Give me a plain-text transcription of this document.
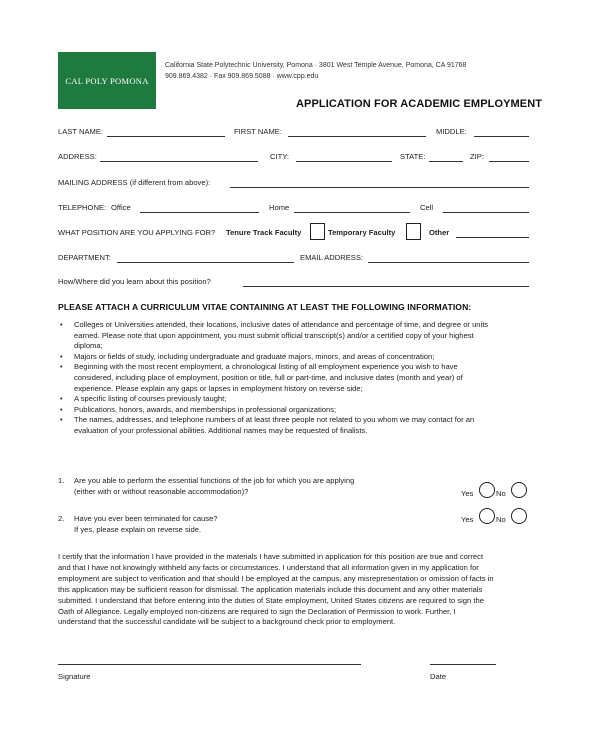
CAL POLY POMONA
California State Polytechnic University, Pomona · 3801 West Temple Avenue, Pomona, CA 91768
909.869.4382 · Fax 909.869.5088 · www.cpp.edu
APPLICATION FOR ACADEMIC EMPLOYMENT
LAST NAME:	FIRST NAME:	MIDDLE:
ADDRESS:	CITY:	STATE:	ZIP:
MAILING ADDRESS (if different from above):
TELEPHONE: Office	Home	Cell
WHAT POSITION ARE YOU APPLYING FOR? Tenure Track Faculty	Temporary Faculty	Other
DEPARTMENT:	EMAIL ADDRESS:
How/Where did you learn about this position?
PLEASE ATTACH A CURRICULUM VITAE CONTAINING AT LEAST THE FOLLOWING INFORMATION:
• Colleges or Universities attended, their locations, inclusive dates of attendance and percentage of time, and degree or units
earned. Please note that upon appointment, you must submit official transcript(s) and/or a certified copy of your highest
diploma;
• Majors or fields of study, including undergraduate and graduate majors, minors, and areas of concentration;
• Beginning with the most recent employment, a chronological listing of all employment experience you wish to have
considered, including place of employment, position or title, full or part-time, and inclusive dates (month and year) of
experience. Please explain any gaps or lapses in employment history on reverse side;
• A specific listing of courses previously taught;
• Publications, honors, awards, and memberships in professional organizations;
• The names, addresses, and telephone numbers of at least three people not related to you whom we may contact for an
evaluation of your professional abilities. Additional names may be requested of finalists.
1. Are you able to perform the essential functions of the job for which you are applying
(either with or without reasonable accommodation)?	Yes	No
2. Have you ever been terminated for cause?
If yes, please explain on reverse side.
Yes	No
I certify that the information I have provided in the materials I have submitted in application for this position are true and correct
and that I have not knowingly withheld any facts or circumstances. I understand that all information given in my application for
employment are subject to verification and that should I be employed at the campus, any misrepresentation or omission of facts in
this application may be sufficient reason for dismissal. The application materials include this document and any other materials
submitted. I understand that before entering into the duties of State employment, United States citizens are required to sign the
Oath of Allegiance. Legally employed non-citizens are required to sign the Declaration of Permission to work. Further, I
understand that the successful candidate will be subject to a background check prior to employment.
Signature	Date
